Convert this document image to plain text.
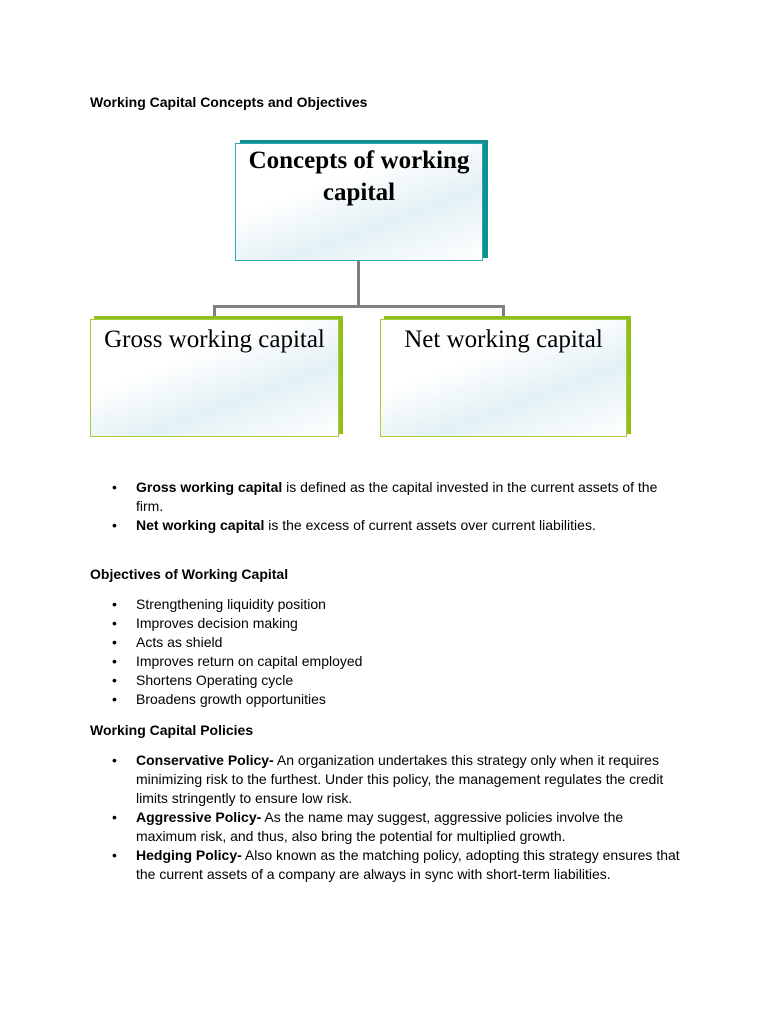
Working Capital Concepts and Objectives
Concepts of working capital
Gross working capital	Net working capital
• Gross working capital is defined as the capital invested in the current assets of the firm.
• Net working capital is the excess of current assets over current liabilities.
Objectives of Working Capital
• Strengthening liquidity position
• Improves decision making
• Acts as shield
• Improves return on capital employed
• Shortens Operating cycle
• Broadens growth opportunities
Working Capital Policies
• Conservative Policy- An organization undertakes this strategy only when it requires minimizing risk to the furthest. Under this policy, the management regulates the credit limits stringently to ensure low risk.
• Aggressive Policy- As the name may suggest, aggressive policies involve the maximum risk, and thus, also bring the potential for multiplied growth.
• Hedging Policy- Also known as the matching policy, adopting this strategy ensures that the current assets of a company are always in sync with short-term liabilities.
